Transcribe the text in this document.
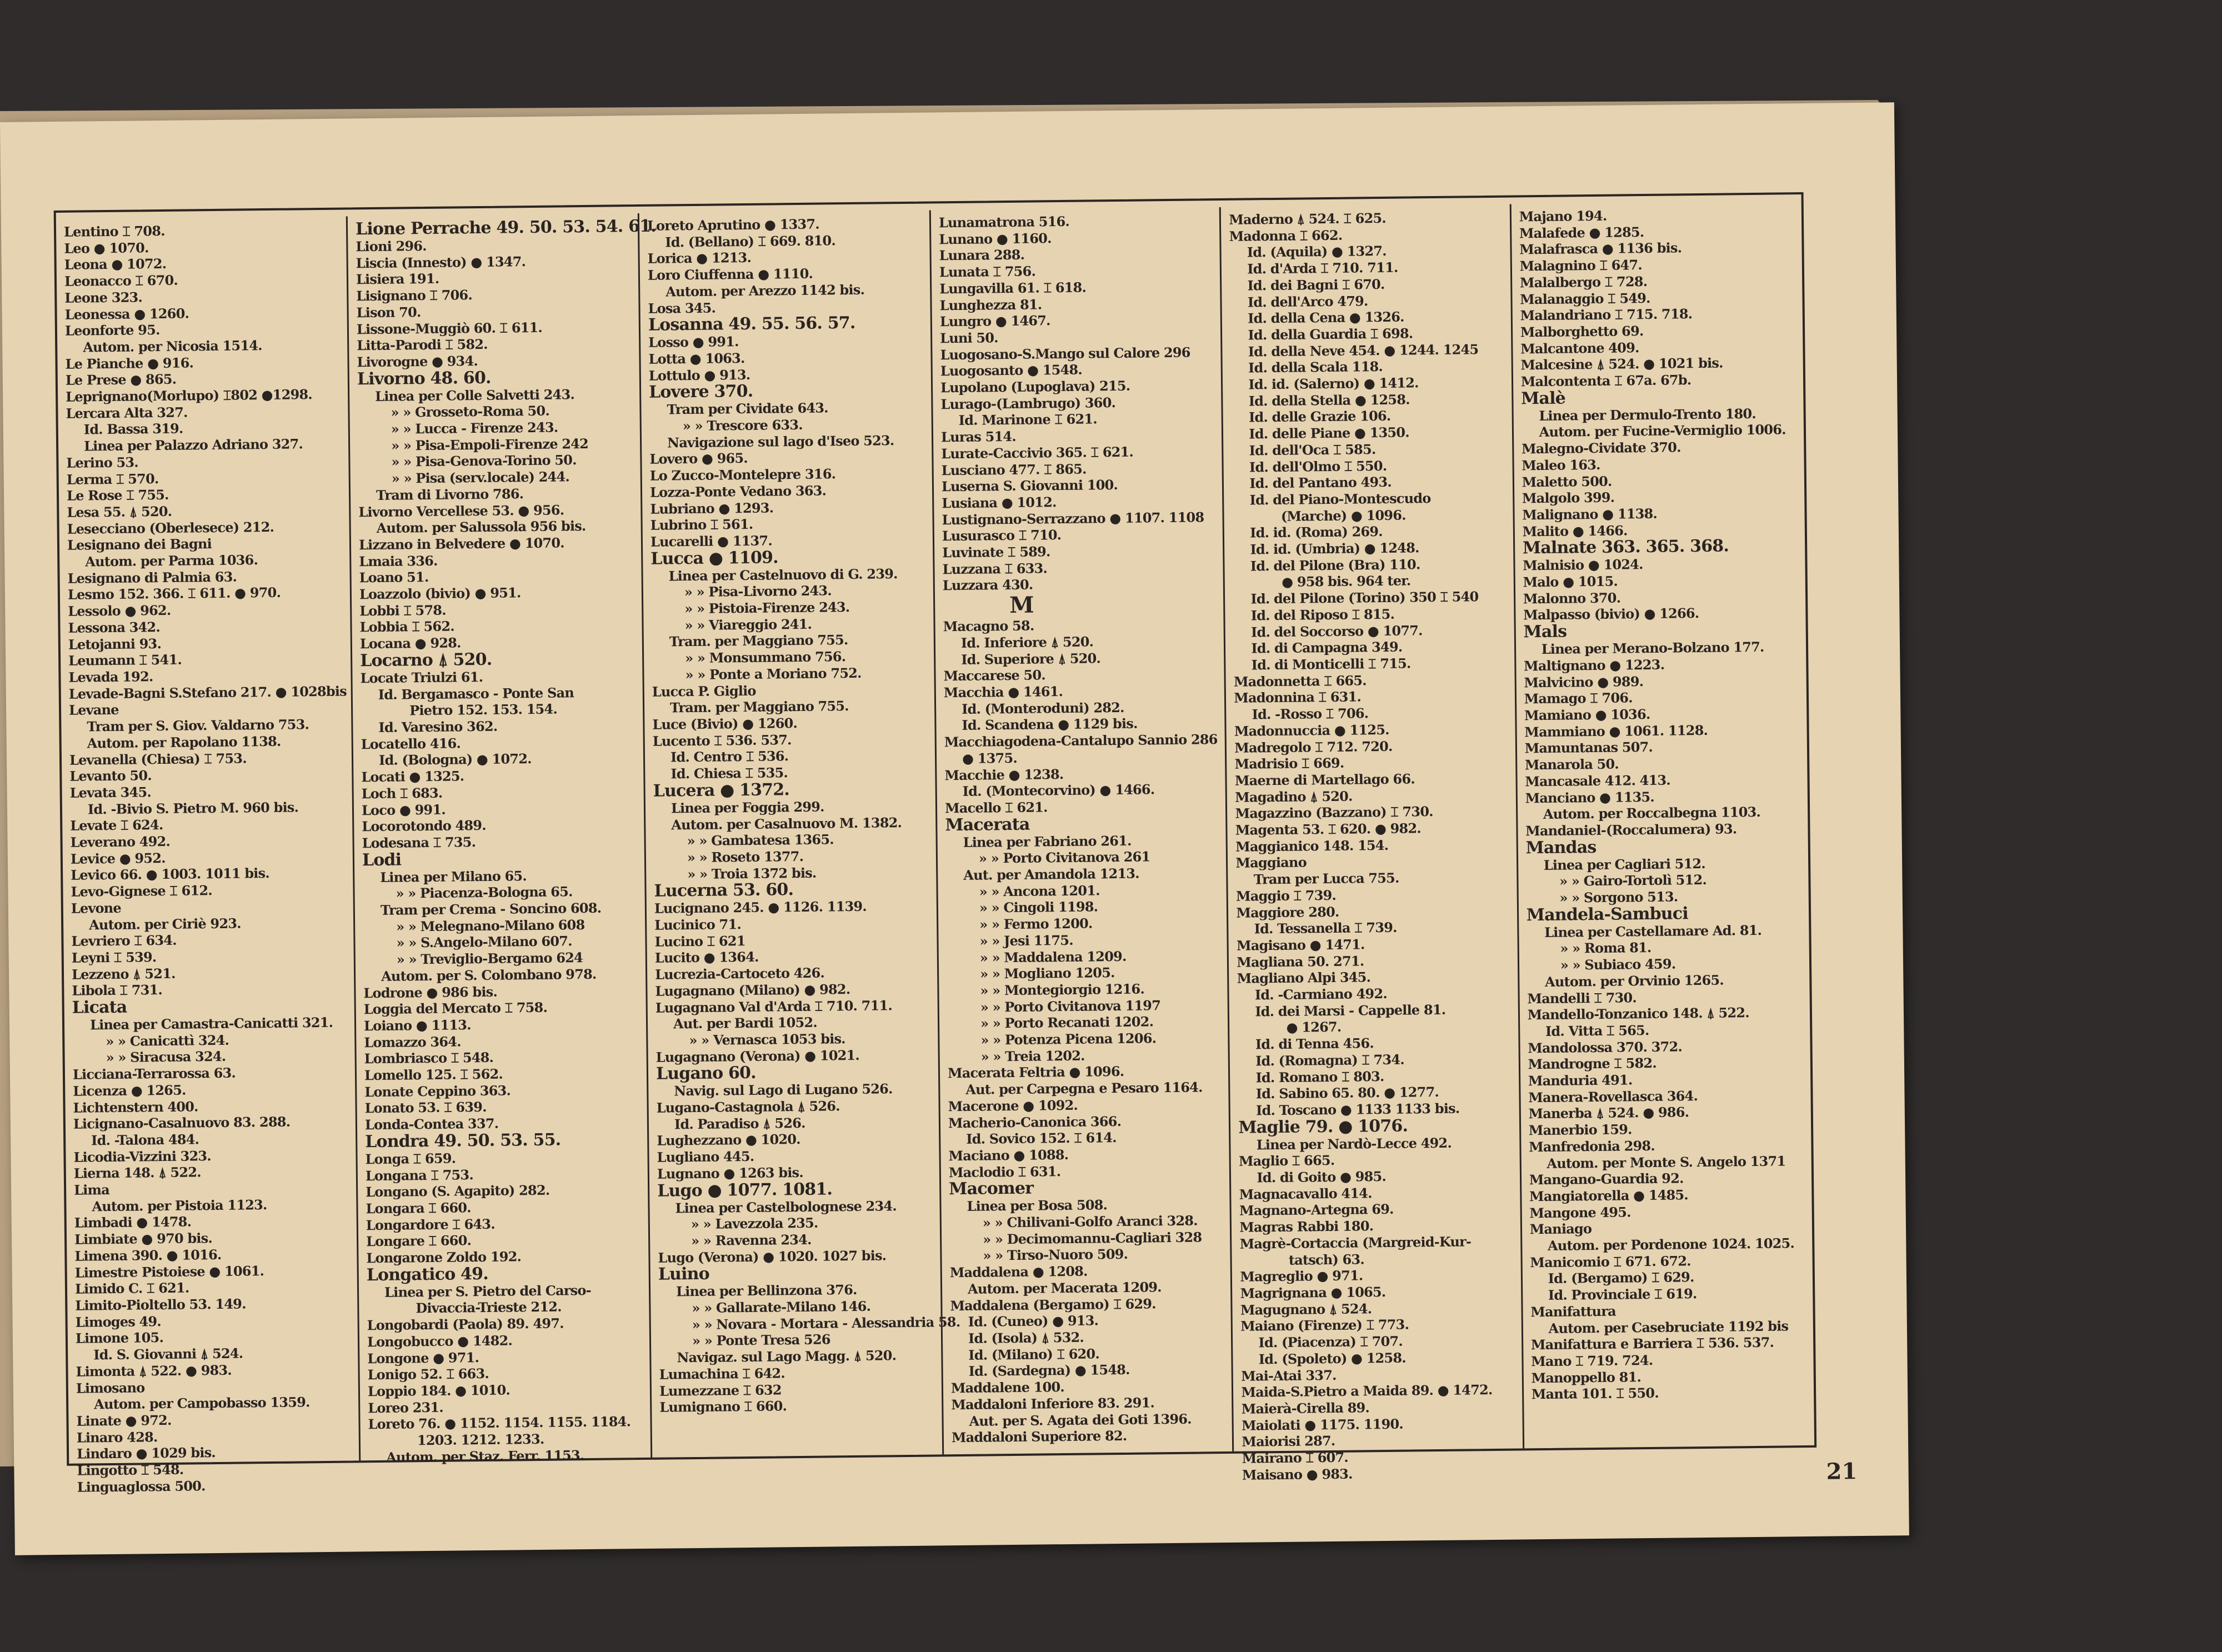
Lentino ⌶ 708.
Leo ● 1070.
Leona ● 1072.
Leonacco ⌶ 670.
Leone 323.
Leonessa ● 1260.
Leonforte 95.
Autom. per Nicosia 1514.
Le Pianche ● 916.
Le Prese ● 865.
Leprignano(Morlupo) ⌶802 ●1298.
Lercara Alta 327.
Id. Bassa 319.
Linea per Palazzo Adriano 327.
Lerino 53.
Lerma ⌶ 570.
Le Rose ⌶ 755.
Lesa 55. ⍋ 520.
Lesecciano (Oberlesece) 212.
Lesignano dei Bagni
Autom. per Parma 1036.
Lesignano di Palmia 63.
Lesmo 152. 366. ⌶ 611. ● 970.
Lessolo ● 962.
Lessona 342.
Letojanni 93.
Leumann ⌶ 541.
Levada 192.
Levade-Bagni S.Stefano 217. ● 1028bis
Levane
Tram per S. Giov. Valdarno 753.
Autom. per Rapolano 1138.
Levanella (Chiesa) ⌶ 753.
Levanto 50.
Levata 345.
Id. -Bivio S. Pietro M. 960 bis.
Levate ⌶ 624.
Leverano 492.
Levice ● 952.
Levico 66. ● 1003. 1011 bis.
Levo-Gignese ⌶ 612.
Levone
Autom. per Ciriè 923.
Levriero ⌶ 634.
Leyni ⌶ 539.
Lezzeno ⍋ 521.
Libola ⌶ 731.
Licata
Linea per Camastra-Canicatti 321.
» » Canicattì 324.
» » Siracusa 324.
Licciana-Terrarossa 63.
Licenza ● 1265.
Lichtenstern 400.
Licignano-Casalnuovo 83. 288.
Id. -Talona 484.
Licodia-Vizzini 323.
Lierna 148. ⍋ 522.
Lima
Autom. per Pistoia 1123.
Limbadi ● 1478.
Limbiate ● 970 bis.
Limena 390. ● 1016.
Limestre Pistoiese ● 1061.
Limido C. ⌶ 621.
Limito-Pioltello 53. 149.
Limoges 49.
Limone 105.
Id. S. Giovanni ⍋ 524.
Limonta ⍋ 522. ● 983.
Limosano
Autom. per Campobasso 1359.
Linate ● 972.
Linaro 428.
Lindaro ● 1029 bis.
Lingotto ⌶ 548.
Linguaglossa 500.
Lione Perrache 49. 50. 53. 54. 61.
Lioni 296.
Liscia (Innesto) ● 1347.
Lisiera 191.
Lisignano ⌶ 706.
Lison 70.
Lissone-Muggiò 60. ⌶ 611.
Litta-Parodi ⌶ 582.
Livorogne ● 934.
Livorno 48. 60.
Linea per Colle Salvetti 243.
» » Grosseto-Roma 50.
» » Lucca - Firenze 243.
» » Pisa-Empoli-Firenze 242
» » Pisa-Genova-Torino 50.
» » Pisa (serv.locale) 244.
Tram di Livorno 786.
Livorno Vercellese 53. ● 956.
Autom. per Salussola 956 bis.
Lizzano in Belvedere ● 1070.
Lmaia 336.
Loano 51.
Loazzolo (bivio) ● 951.
Lobbi ⌶ 578.
Lobbia ⌶ 562.
Locana ● 928.
Locarno ⍋ 520.
Locate Triulzi 61.
Id. Bergamasco - Ponte San
Pietro 152. 153. 154.
Id. Varesino 362.
Locatello 416.
Id. (Bologna) ● 1072.
Locati ● 1325.
Loch ⌶ 683.
Loco ● 991.
Locorotondo 489.
Lodesana ⌶ 735.
Lodi
Linea per Milano 65.
» » Piacenza-Bologna 65.
Tram per Crema - Soncino 608.
» » Melegnano-Milano 608
» » S.Angelo-Milano 607.
» » Treviglio-Bergamo 624
Autom. per S. Colombano 978.
Lodrone ● 986 bis.
Loggia del Mercato ⌶ 758.
Loiano ● 1113.
Lomazzo 364.
Lombriasco ⌶ 548.
Lomello 125. ⌶ 562.
Lonate Ceppino 363.
Lonato 53. ⌶ 639.
Londa-Contea 337.
Londra 49. 50. 53. 55.
Longa ⌶ 659.
Longana ⌶ 753.
Longano (S. Agapito) 282.
Longara ⌶ 660.
Longardore ⌶ 643.
Longare ⌶ 660.
Longarone Zoldo 192.
Longatico 49.
Linea per S. Pietro del Carso-
Divaccia-Trieste 212.
Longobardi (Paola) 89. 497.
Longobucco ● 1482.
Longone ● 971.
Lonigo 52. ⌶ 663.
Loppio 184. ● 1010.
Loreo 231.
Loreto 76. ● 1152. 1154. 1155. 1184.
1203. 1212. 1233.
Autom. per Staz. Ferr. 1153.
Loreto Aprutino ● 1337.
Id. (Bellano) ⌶ 669. 810.
Lorica ● 1213.
Loro Ciuffenna ● 1110.
Autom. per Arezzo 1142 bis.
Losa 345.
Losanna 49. 55. 56. 57.
Losso ● 991.
Lotta ● 1063.
Lottulo ● 913.
Lovere 370.
Tram per Cividate 643.
» » Trescore 633.
Navigazione sul lago d'Iseo 523.
Lovero ● 965.
Lo Zucco-Montelepre 316.
Lozza-Ponte Vedano 363.
Lubriano ● 1293.
Lubrino ⌶ 561.
Lucarelli ● 1137.
Lucca ● 1109.
Linea per Castelnuovo di G. 239.
» » Pisa-Livorno 243.
» » Pistoia-Firenze 243.
» » Viareggio 241.
Tram. per Maggiano 755.
» » Monsummano 756.
» » Ponte a Moriano 752.
Lucca P. Giglio
Tram. per Maggiano 755.
Luce (Bivio) ● 1260.
Lucento ⌶ 536. 537.
Id. Centro ⌶ 536.
Id. Chiesa ⌶ 535.
Lucera ● 1372.
Linea per Foggia 299.
Autom. per Casalnuovo M. 1382.
» » Gambatesa 1365.
» » Roseto 1377.
» » Troia 1372 bis.
Lucerna 53. 60.
Lucignano 245. ● 1126. 1139.
Lucinico 71.
Lucino ⌶ 621
Lucito ● 1364.
Lucrezia-Cartoceto 426.
Lugagnano (Milano) ● 982.
Lugagnano Val d'Arda ⌶ 710. 711.
Aut. per Bardi 1052.
» » Vernasca 1053 bis.
Lugagnano (Verona) ● 1021.
Lugano 60.
Navig. sul Lago di Lugano 526.
Lugano-Castagnola ⍋ 526.
Id. Paradiso ⍋ 526.
Lughezzano ● 1020.
Lugliano 445.
Lugnano ● 1263 bis.
Lugo ● 1077. 1081.
Linea per Castelbolognese 234.
» » Lavezzola 235.
» » Ravenna 234.
Lugo (Verona) ● 1020. 1027 bis.
Luino
Linea per Bellinzona 376.
» » Gallarate-Milano 146.
» » Novara - Mortara - Alessandria 58.
» » Ponte Tresa 526
Navigaz. sul Lago Magg. ⍋ 520.
Lumachina ⌶ 642.
Lumezzane ⌶ 632
Lumignano ⌶ 660.
Lunamatrona 516.
Lunano ● 1160.
Lunara 288.
Lunata ⌶ 756.
Lungavilla 61. ⌶ 618.
Lunghezza 81.
Lungro ● 1467.
Luni 50.
Luogosano-S.Mango sul Calore 296
Luogosanto ● 1548.
Lupolano (Lupoglava) 215.
Lurago-(Lambrugo) 360.
Id. Marinone ⌶ 621.
Luras 514.
Lurate-Caccivio 365. ⌶ 621.
Lusciano 477. ⌶ 865.
Luserna S. Giovanni 100.
Lusiana ● 1012.
Lustignano-Serrazzano ● 1107. 1108
Lusurasco ⌶ 710.
Luvinate ⌶ 589.
Luzzana ⌶ 633.
Luzzara 430.
M
Macagno 58.
Id. Inferiore ⍋ 520.
Id. Superiore ⍋ 520.
Maccarese 50.
Macchia ● 1461.
Id. (Monteroduni) 282.
Id. Scandena ● 1129 bis.
Macchiagodena-Cantalupo Sannio 286
● 1375.
Macchie ● 1238.
Id. (Montecorvino) ● 1466.
Macello ⌶ 621.
Macerata
Linea per Fabriano 261.
» » Porto Civitanova 261
Aut. per Amandola 1213.
» » Ancona 1201.
» » Cingoli 1198.
» » Fermo 1200.
» » Jesi 1175.
» » Maddalena 1209.
» » Mogliano 1205.
» » Montegiorgio 1216.
» » Porto Civitanova 1197
» » Porto Recanati 1202.
» » Potenza Picena 1206.
» » Treia 1202.
Macerata Feltria ● 1096.
Aut. per Carpegna e Pesaro 1164.
Macerone ● 1092.
Macherio-Canonica 366.
Id. Sovico 152. ⌶ 614.
Maciano ● 1088.
Maclodio ⌶ 631.
Macomer
Linea per Bosa 508.
» » Chilivani-Golfo Aranci 328.
» » Decimomannu-Cagliari 328
» » Tirso-Nuoro 509.
Maddalena ● 1208.
Autom. per Macerata 1209.
Maddalena (Bergamo) ⌶ 629.
Id. (Cuneo) ● 913.
Id. (Isola) ⍋ 532.
Id. (Milano) ⌶ 620.
Id. (Sardegna) ● 1548.
Maddalene 100.
Maddaloni Inferiore 83. 291.
Aut. per S. Agata dei Goti 1396.
Maddaloni Superiore 82.
Maderno ⍋ 524. ⌶ 625.
Madonna ⌶ 662.
Id. (Aquila) ● 1327.
Id. d'Arda ⌶ 710. 711.
Id. dei Bagni ⌶ 670.
Id. dell'Arco 479.
Id. della Cena ● 1326.
Id. della Guardia ⌶ 698.
Id. della Neve 454. ● 1244. 1245
Id. della Scala 118.
Id. id. (Salerno) ● 1412.
Id. della Stella ● 1258.
Id. delle Grazie 106.
Id. delle Piane ● 1350.
Id. dell'Oca ⌶ 585.
Id. dell'Olmo ⌶ 550.
Id. del Pantano 493.
Id. del Piano-Montescudo
(Marche) ● 1096.
Id. id. (Roma) 269.
Id. id. (Umbria) ● 1248.
Id. del Pilone (Bra) 110.
● 958 bis. 964 ter.
Id. del Pilone (Torino) 350 ⌶ 540
Id. del Riposo ⌶ 815.
Id. del Soccorso ● 1077.
Id. di Campagna 349.
Id. di Monticelli ⌶ 715.
Madonnetta ⌶ 665.
Madonnina ⌶ 631.
Id. -Rosso ⌶ 706.
Madonnuccia ● 1125.
Madregolo ⌶ 712. 720.
Madrisio ⌶ 669.
Maerne di Martellago 66.
Magadino ⍋ 520.
Magazzino (Bazzano) ⌶ 730.
Magenta 53. ⌶ 620. ● 982.
Maggianico 148. 154.
Maggiano
Tram per Lucca 755.
Maggio ⌶ 739.
Maggiore 280.
Id. Tessanella ⌶ 739.
Magisano ● 1471.
Magliana 50. 271.
Magliano Alpi 345.
Id. -Carmiano 492.
Id. dei Marsi - Cappelle 81.
● 1267.
Id. di Tenna 456.
Id. (Romagna) ⌶ 734.
Id. Romano ⌶ 803.
Id. Sabino 65. 80. ● 1277.
Id. Toscano ● 1133 1133 bis.
Maglie 79. ● 1076.
Linea per Nardò-Lecce 492.
Maglio ⌶ 665.
Id. di Goito ● 985.
Magnacavallo 414.
Magnano-Artegna 69.
Magras Rabbi 180.
Magrè-Cortaccia (Margreid-Kur-
tatsch) 63.
Magreglio ● 971.
Magrignana ● 1065.
Magugnano ⍋ 524.
Maiano (Firenze) ⌶ 773.
Id. (Piacenza) ⌶ 707.
Id. (Spoleto) ● 1258.
Mai-Atai 337.
Maida-S.Pietro a Maida 89. ● 1472.
Maierà-Cirella 89.
Maiolati ● 1175. 1190.
Maiorisi 287.
Mairano ⌶ 607.
Maisano ● 983.
Majano 194.
Malafede ● 1285.
Malafrasca ● 1136 bis.
Malagnino ⌶ 647.
Malalbergo ⌶ 728.
Malanaggio ⌶ 549.
Malandriano ⌶ 715. 718.
Malborghetto 69.
Malcantone 409.
Malcesine ⍋ 524. ● 1021 bis.
Malcontenta ⌶ 67a. 67b.
Malè
Linea per Dermulo-Trento 180.
Autom. per Fucine-Vermiglio 1006.
Malegno-Cividate 370.
Maleo 163.
Maletto 500.
Malgolo 399.
Malignano ● 1138.
Malito ● 1466.
Malnate 363. 365. 368.
Malnisio ● 1024.
Malo ● 1015.
Malonno 370.
Malpasso (bivio) ● 1266.
Mals
Linea per Merano-Bolzano 177.
Maltignano ● 1223.
Malvicino ● 989.
Mamago ⌶ 706.
Mamiano ● 1036.
Mammiano ● 1061. 1128.
Mamuntanas 507.
Manarola 50.
Mancasale 412. 413.
Manciano ● 1135.
Autom. per Roccalbegna 1103.
Mandaniel-(Roccalumera) 93.
Mandas
Linea per Cagliari 512.
» » Gairo-Tortolì 512.
» » Sorgono 513.
Mandela-Sambuci
Linea per Castellamare Ad. 81.
» » Roma 81.
» » Subiaco 459.
Autom. per Orvinio 1265.
Mandelli ⌶ 730.
Mandello-Tonzanico 148. ⍋ 522.
Id. Vitta ⌶ 565.
Mandolossa 370. 372.
Mandrogne ⌶ 582.
Manduria 491.
Manera-Rovellasca 364.
Manerba ⍋ 524. ● 986.
Manerbio 159.
Manfredonia 298.
Autom. per Monte S. Angelo 1371
Mangano-Guardia 92.
Mangiatorella ● 1485.
Mangone 495.
Maniago
Autom. per Pordenone 1024. 1025.
Manicomio ⌶ 671. 672.
Id. (Bergamo) ⌶ 629.
Id. Provinciale ⌶ 619.
Manifattura
Autom. per Casebruciate 1192 bis
Manifattura e Barriera ⌶ 536. 537.
Mano ⌶ 719. 724.
Manoppello 81.
Manta 101. ⌶ 550.
21
